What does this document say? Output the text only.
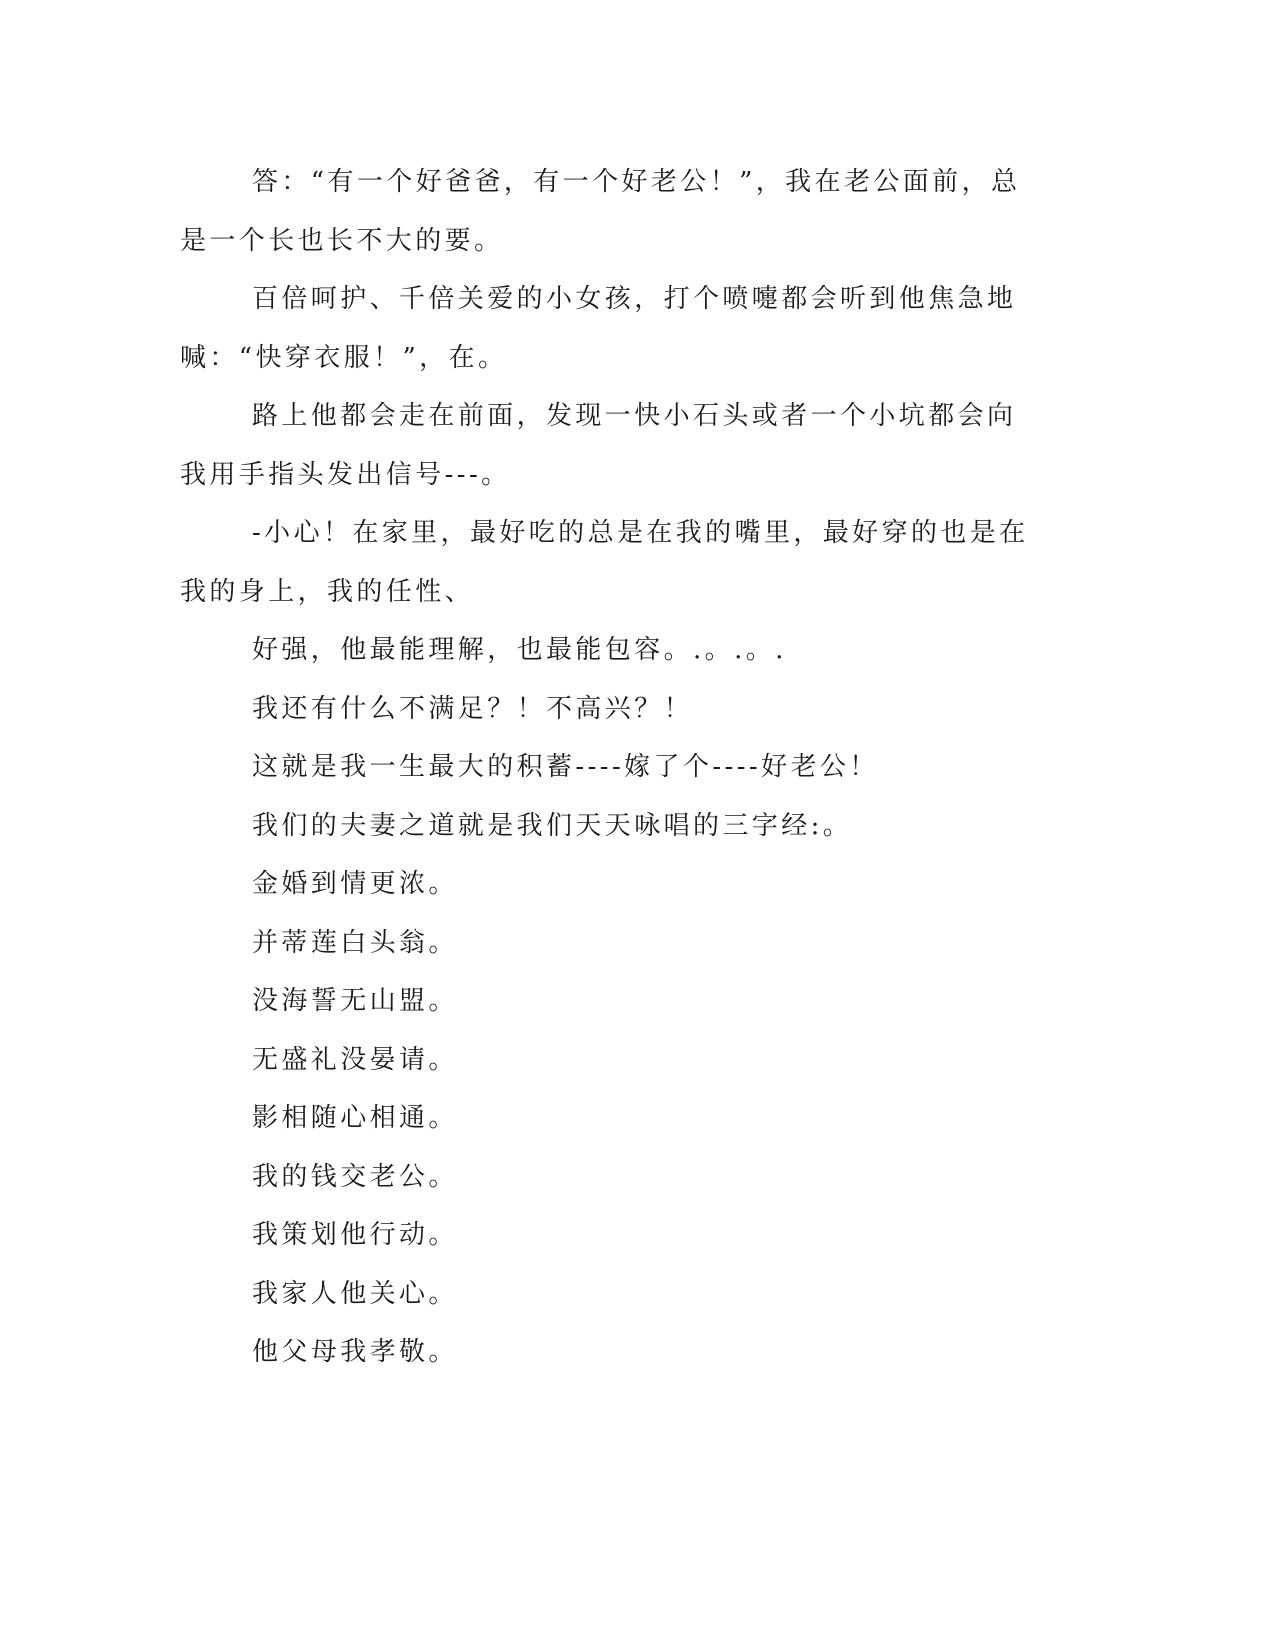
答：“有一个好爸爸，有一个好老公！”，我在老公面前，总是一个长也长不大的要。

百倍呵护、千倍关爱的小女孩，打个喷嚏都会听到他焦急地喊：“快穿衣服！”，在。

路上他都会走在前面，发现一快小石头或者一个小坑都会向我用手指头发出信号---。

-小心！在家里，最好吃的总是在我的嘴里，最好穿的也是在我的身上，我的任性、

好强，他最能理解，也最能包容。.。.。.

我还有什么不满足？！不高兴？！

这就是我一生最大的积蓄----嫁了个----好老公！

我们的夫妻之道就是我们天天咏唱的三字经:。

金婚到情更浓。

并蒂莲白头翁。

没海誓无山盟。

无盛礼没晏请。

影相随心相通。

我的钱交老公。

我策划他行动。

我家人他关心。

他父母我孝敬。
